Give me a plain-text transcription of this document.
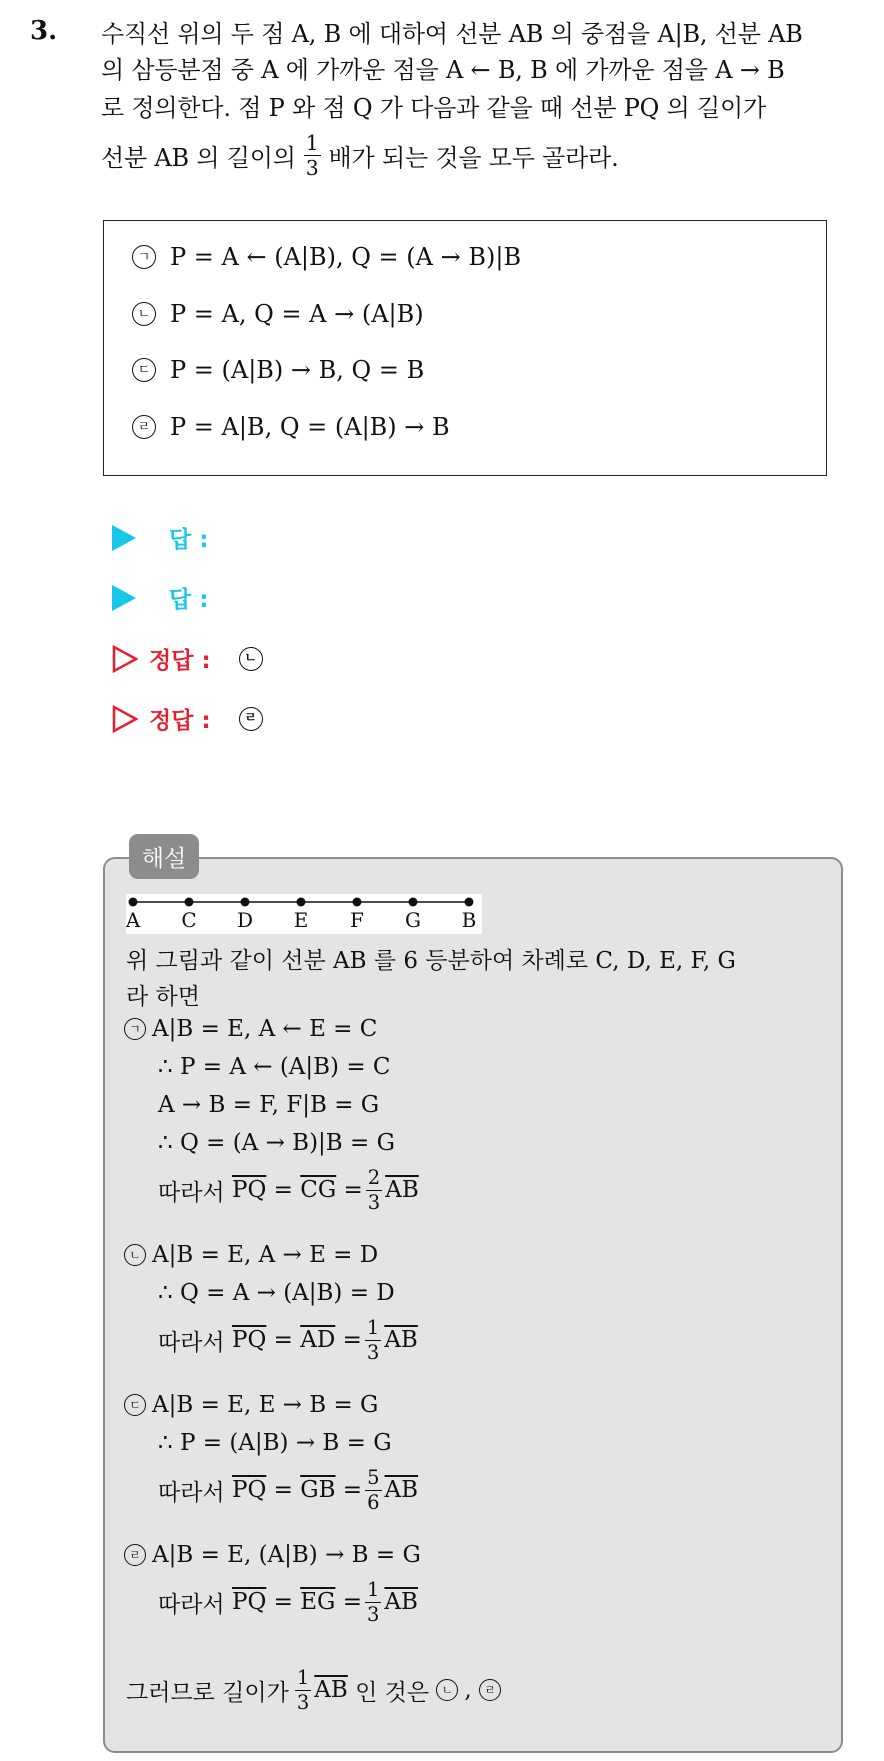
3. 수직선 위의 두 점 A, B 에 대하여 선분 AB 의 중점을 A|B, 선분 AB
의 삼등분점 중 A 에 가까운 점을 A ← B, B 에 가까운 점을 A → B
로 정의한다. 점 P 와 점 Q 가 다음과 같을 때 선분 PQ 의 길이가
선분 AB 의 길이의 $\frac{1}{3}$ 배가 되는 것을 모두 골라라.
ㄱ P = A ← (A|B), Q = (A → B)|B
ㄴ P = A, Q = A → (A|B)
ㄷ P = (A|B) → B, Q = B
ㄹ P = A|B, Q = (A|B) → B
답 :
답 :
정답 :	ㄴ
정답 :	ㄹ
해설
A C D E F G B
위 그림과 같이 선분 AB 를 6 등분하여 차례로 C, D, E, F, G
라 하면
ㄱ A|B = E, A ← E = C
∴ P = A ← (A|B) = C
A → B = F, F|B = G
∴ Q = (A → B)|B = G
따라서
$\overline{PQ} = \overline{CG} = \frac{2}{3} \overline{AB}$
ㄴ A|B = E, A → E = D
∴ Q = A → (A|B) = D
따라서
$\overline{PQ} = \overline{AD} = \frac{1}{3} \overline{AB}$
ㄷ A|B = E, E → B = G
∴ P = (A|B) → B = G
따라서
$\overline{PQ} = \overline{GB} = \frac{5}{6} \overline{AB}$
ㄹ A|B = E, (A|B) → B = G
따라서
$\overline{PQ} = \overline{EG} = \frac{1}{3} \overline{AB}$
그러므로 길이가 $\frac{1}{3} \overline{AB}$
인 것은
	ㄴ , ㄹ
